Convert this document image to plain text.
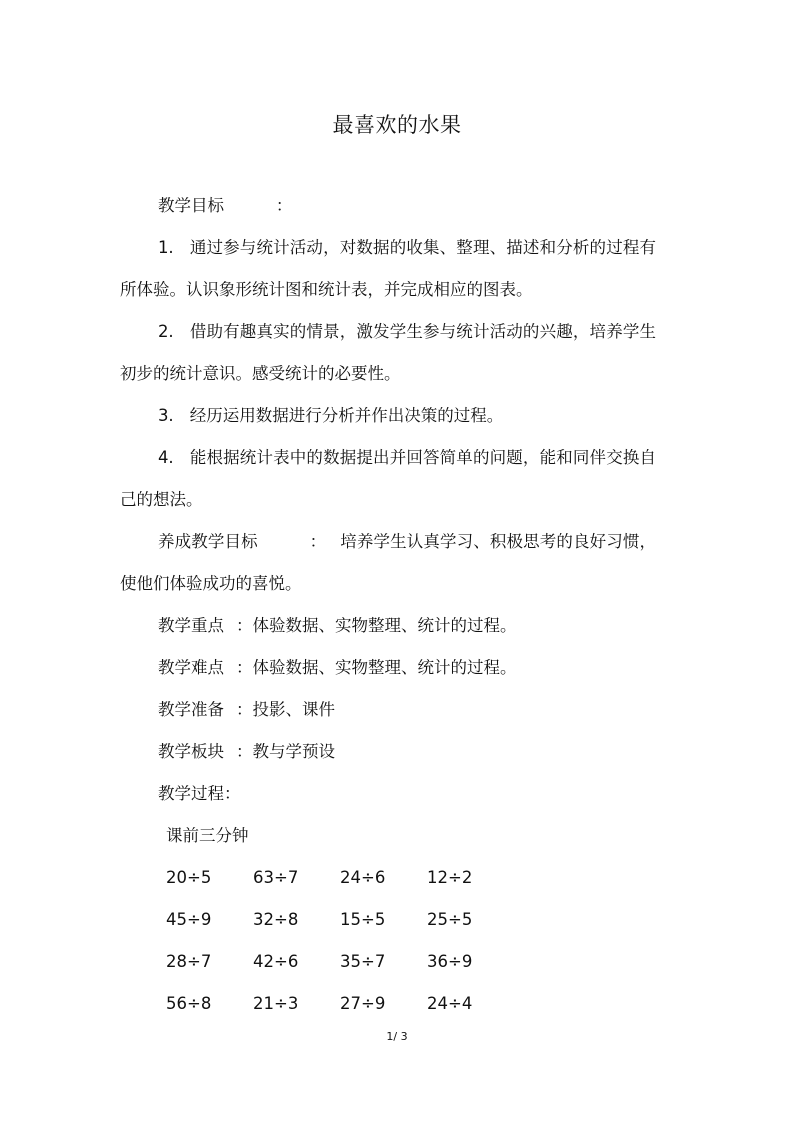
最喜欢的水果

教学目标	：

1. 通过参与统计活动，对数据的收集、整理、描述和分析的过程有所体验。认识象形统计图和统计表，并完成相应的图表。

2. 借助有趣真实的情景，激发学生参与统计活动的兴趣，培养学生初步的统计意识。感受统计的必要性。

3. 经历运用数据进行分析并作出决策的过程。

4. 能根据统计表中的数据提出并回答简单的问题，能和同伴交换自己的想法。

养成教学目标	： 培养学生认真学习、积极思考的良好习惯，使他们体验成功的喜悦。

教学重点 ：体验数据、实物整理、统计的过程。

教学难点 ：体验数据、实物整理、统计的过程。

教学准备 ：投影、课件

教学板块 ：教与学预设

教学过程：

课前三分钟

20÷5	63÷7	24÷6	12÷2
45÷9	32÷8	15÷5	25÷5
28÷7	42÷6	35÷7	36÷9
56÷8	21÷3	27÷9	24÷4
1/ 3
